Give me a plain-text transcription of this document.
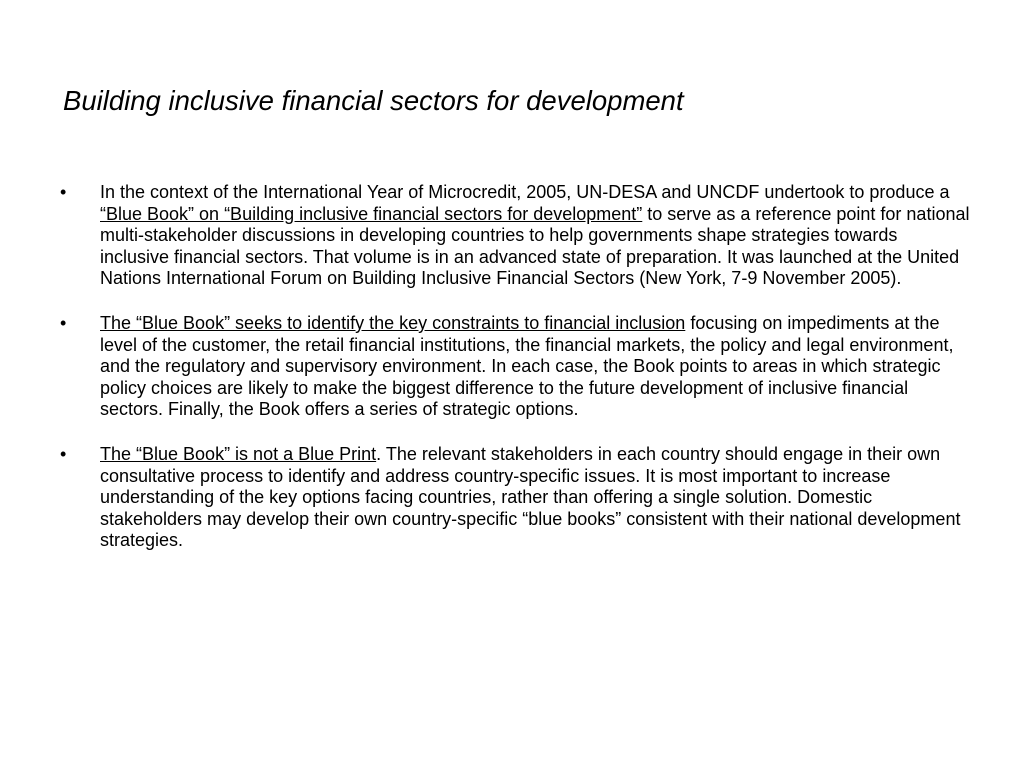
Building inclusive financial sectors for development
• In the context of the International Year of Microcredit, 2005, UN-DESA and UNCDF undertook to produce a “Blue Book” on “Building inclusive financial sectors for development” to serve as a reference point for national multi-stakeholder discussions in developing countries to help governments shape strategies towards inclusive financial sectors. That volume is in an advanced state of preparation. It was launched at the United Nations International Forum on Building Inclusive Financial Sectors (New York, 7-9 November 2005).
• The “Blue Book” seeks to identify the key constraints to financial inclusion focusing on impediments at the level of the customer, the retail financial institutions, the financial markets, the policy and legal environment, and the regulatory and supervisory environment. In each case, the Book points to areas in which strategic policy choices are likely to make the biggest difference to the future development of inclusive financial sectors. Finally, the Book offers a series of strategic options.
• The “Blue Book” is not a Blue Print. The relevant stakeholders in each country should engage in their own consultative process to identify and address country-specific issues. It is most important to increase understanding of the key options facing countries, rather than offering a single solution. Domestic stakeholders may develop their own country-specific “blue books” consistent with their national development strategies.
